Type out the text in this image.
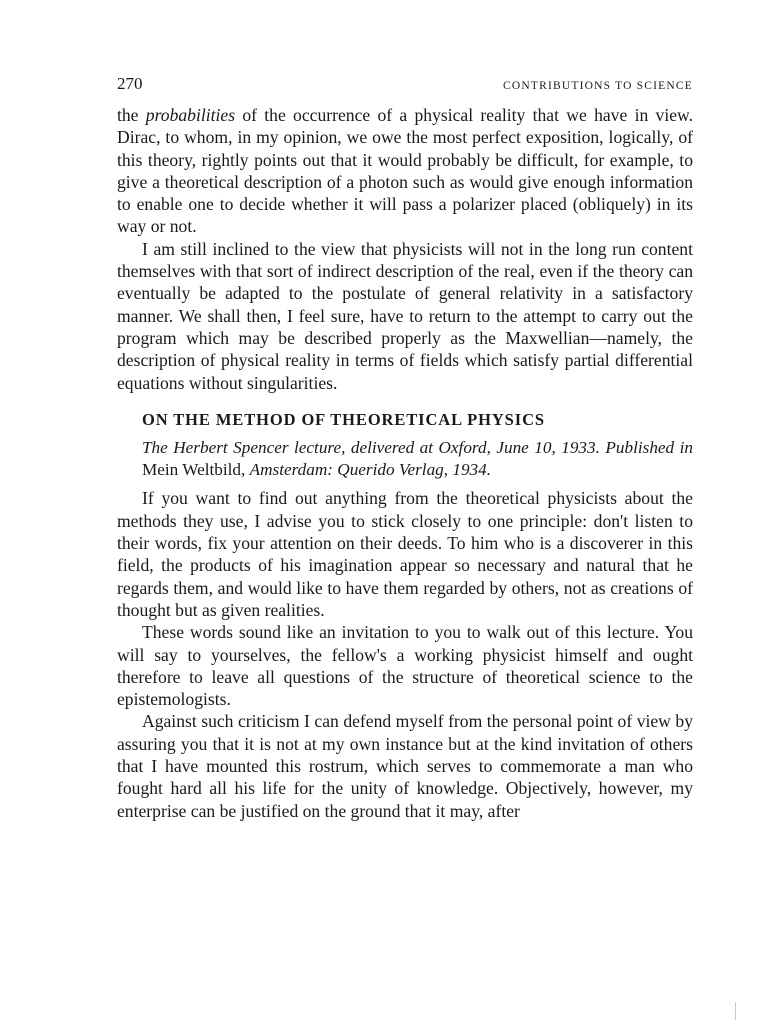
270	CONTRIBUTIONS TO SCIENCE

the probabilities of the occurrence of a physical reality that we have in view. Dirac, to whom, in my opinion, we owe the most perfect exposition, logically, of this theory, rightly points out that it would probably be difficult, for example, to give a theoretical description of a photon such as would give enough information to enable one to decide whether it will pass a polarizer placed (obliquely) in its way or not.

I am still inclined to the view that physicists will not in the long run content themselves with that sort of indirect description of the real, even if the theory can eventually be adapted to the postulate of general relativity in a satisfactory manner. We shall then, I feel sure, have to return to the attempt to carry out the program which may be described properly as the Maxwellian—namely, the description of physical reality in terms of fields which satisfy partial differential equations without singularities.

ON THE METHOD OF THEORETICAL PHYSICS
The Herbert Spencer lecture, delivered at Oxford, June 10, 1933. Published in Mein Weltbild, Amsterdam: Querido Verlag, 1934.

If you want to find out anything from the theoretical physicists about the methods they use, I advise you to stick closely to one principle: don't listen to their words, fix your attention on their deeds. To him who is a discoverer in this field, the products of his imagination appear so necessary and natural that he regards them, and would like to have them regarded by others, not as creations of thought but as given realities.

These words sound like an invitation to you to walk out of this lecture. You will say to yourselves, the fellow's a working physicist himself and ought therefore to leave all questions of the structure of theoretical science to the epistemologists.

Against such criticism I can defend myself from the personal point of view by assuring you that it is not at my own instance but at the kind invitation of others that I have mounted this rostrum, which serves to commemorate a man who fought hard all his life for the unity of knowledge. Objectively, however, my enterprise can be justified on the ground that it may, after
